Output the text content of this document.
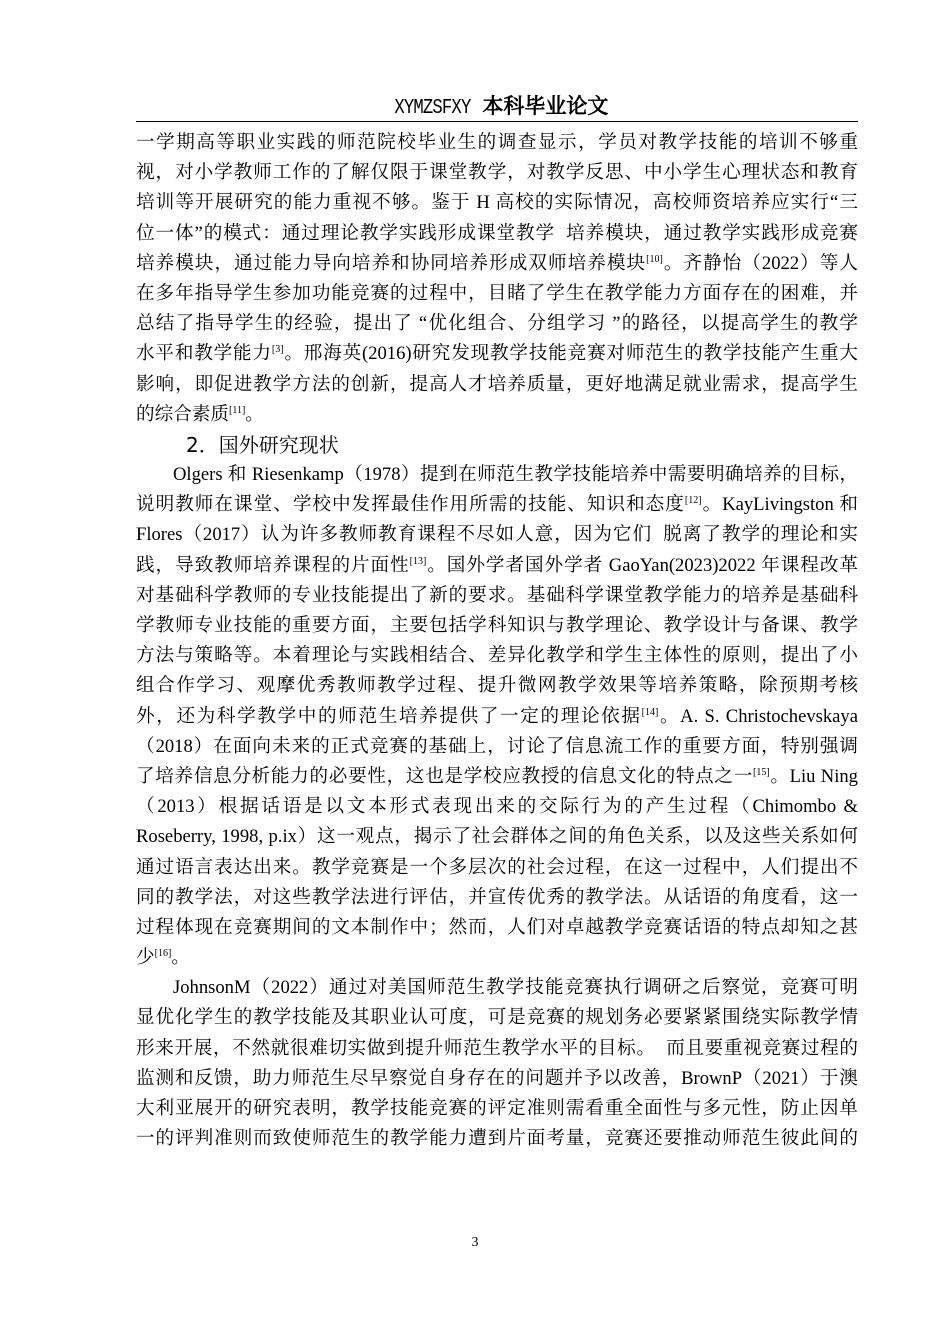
XYMZSFXY 本科毕业论文
一学期高等职业实践的师范院校毕业生的调查显示，学员对教学技能的培训不够重
视，对小学教师工作的了解仅限于课堂教学，对教学反思、中小学生心理状态和教育
培训等开展研究的能力重视不够。鉴于 H 高校的实际情况，高校师资培养应实行“三
位一体”的模式：通过理论教学实践形成课堂教学  培养模块，通过教学实践形成竞赛
培养模块，通过能力导向培养和协同培养形成双师培养模块[10]。齐静怡（2022）等人
在多年指导学生参加功能竞赛的过程中，目睹了学生在教学能力方面存在的困难，并
总结了指导学生的经验，提出了 “优化组合、分组学习 ”的路径，以提高学生的教学
水平和教学能力[3]。邢海英(2016)研究发现教学技能竞赛对师范生的教学技能产生重大
影响，即促进教学方法的创新，提高人才培养质量，更好地满足就业需求，提高学生
的综合素质[11]。
2．国外研究现状
Olgers 和 Riesenkamp（1978）提到在师范生教学技能培养中需要明确培养的目标，
说明教师在课堂、学校中发挥最佳作用所需的技能、知识和态度[12]。KayLivingston 和
Flores（2017）认为许多教师教育课程不尽如人意，因为它们  脱离了教学的理论和实
践，导致教师培养课程的片面性[13]。国外学者国外学者 GaoYan(2023)2022 年课程改革
对基础科学教师的专业技能提出了新的要求。基础科学课堂教学能力的培养是基础科
学教师专业技能的重要方面，主要包括学科知识与教学理论、教学设计与备课、教学
方法与策略等。本着理论与实践相结合、差异化教学和学生主体性的原则，提出了小
组合作学习、观摩优秀教师教学过程、提升微网教学效果等培养策略，除预期考核
外，还为科学教学中的师范生培养提供了一定的理论依据[14]。A. S. Christochevskaya
（2018）在面向未来的正式竞赛的基础上，讨论了信息流工作的重要方面，特别强调
了培养信息分析能力的必要性，这也是学校应教授的信息文化的特点之一[15]。Liu Ning
（2013）根据话语是以文本形式表现出来的交际行为的产生过程（Chimombo &
Roseberry, 1998, p.ix）这一观点，揭示了社会群体之间的角色关系，以及这些关系如何
通过语言表达出来。教学竞赛是一个多层次的社会过程，在这一过程中，人们提出不
同的教学法，对这些教学法进行评估，并宣传优秀的教学法。从话语的角度看，这一
过程体现在竞赛期间的文本制作中；然而，人们对卓越教学竞赛话语的特点却知之甚
少[16]。
JohnsonM（2022）通过对美国师范生教学技能竞赛执行调研之后察觉，竞赛可明
显优化学生的教学技能及其职业认可度，可是竞赛的规划务必要紧紧围绕实际教学情
形来开展，不然就很难切实做到提升师范生教学水平的目标。  而且要重视竞赛过程的
监测和反馈，助力师范生尽早察觉自身存在的问题并予以改善，BrownP（2021）于澳
大利亚展开的研究表明，教学技能竞赛的评定准则需看重全面性与多元性，防止因单
一的评判准则而致使师范生的教学能力遭到片面考量，竞赛还要推动师范生彼此间的
3
